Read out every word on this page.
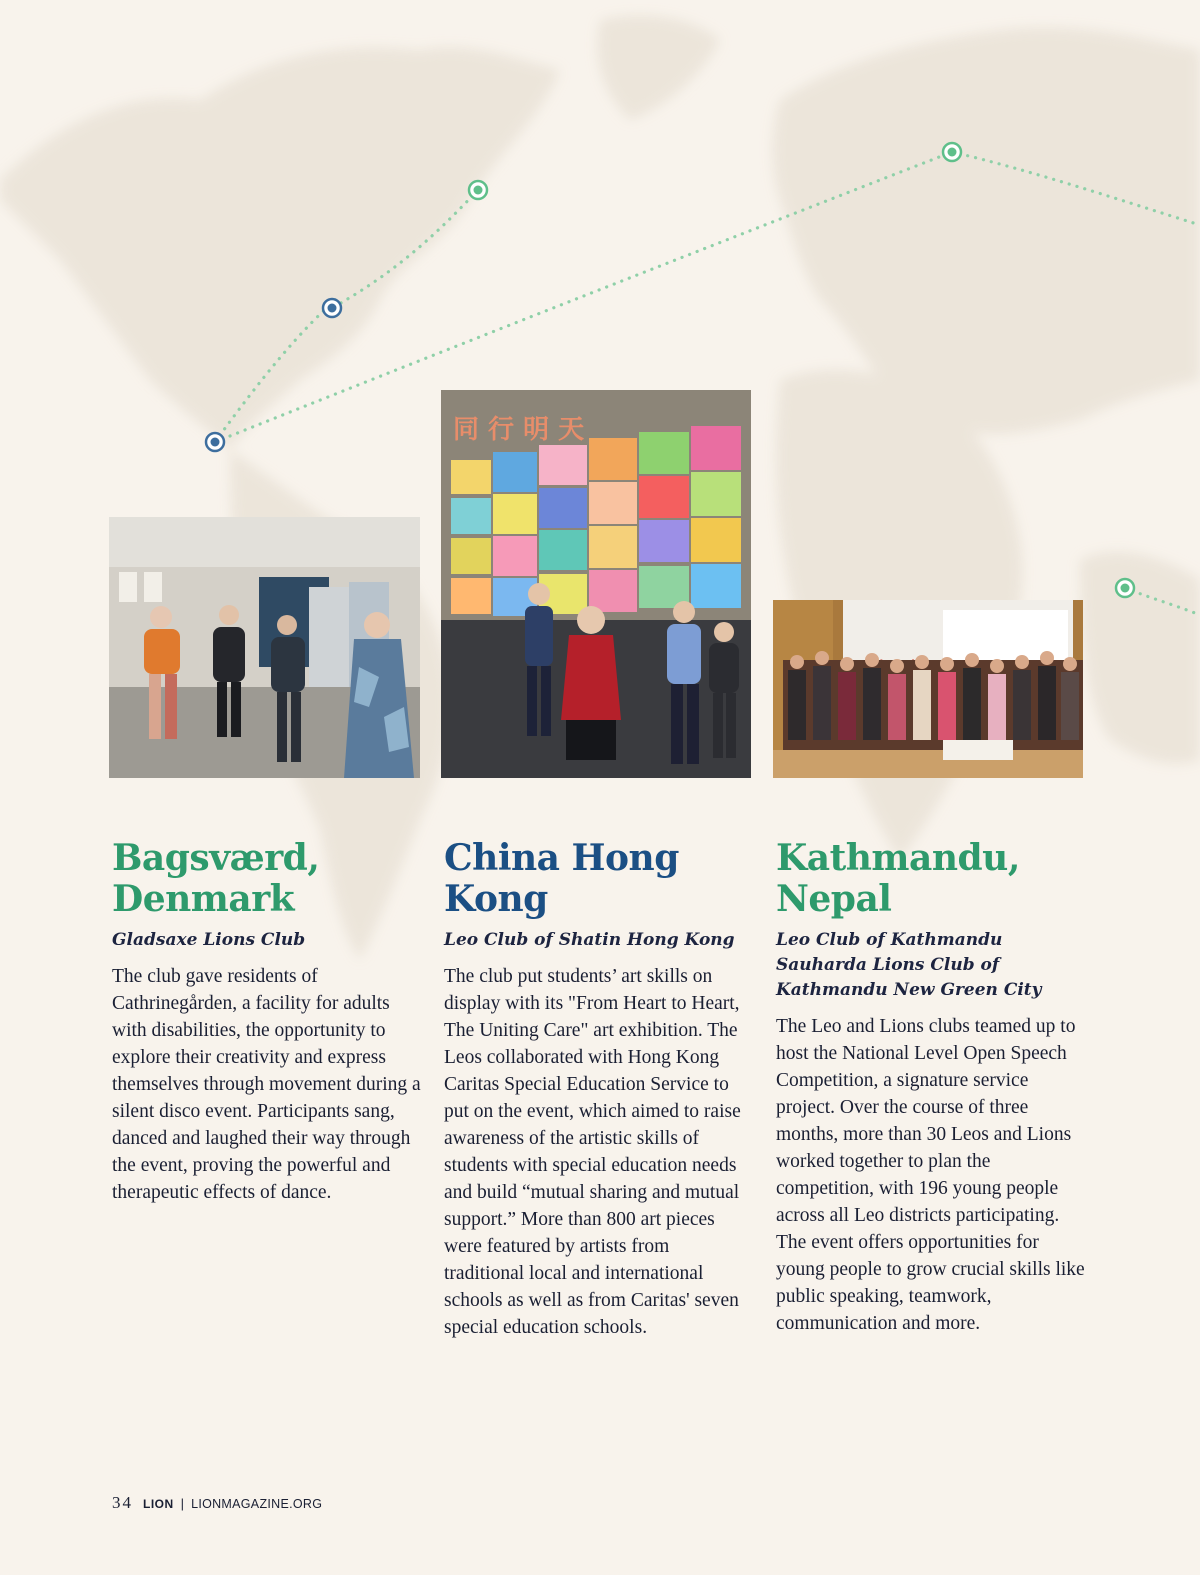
同 行 明 天
Bagsværd, Denmark
Gladsaxe Lions Club

The club gave residents of Cathrinegården, a facility for adults with disabilities, the opportunity to explore their creativity and express themselves through movement during a silent disco event. Participants sang, danced and laughed their way through the event, proving the powerful and therapeutic effects of dance.

China Hong Kong
Leo Club of Shatin Hong Kong

The club put students’ art skills on display with its "From Heart to Heart, The Uniting Care" art exhibition. The Leos collaborated with Hong Kong Caritas Special Education Service to put on the event, which aimed to raise awareness of the artistic skills of students with special education needs and build “mutual sharing and mutual support.” More than 800 art pieces were featured by artists from traditional local and international schools as well as from Caritas' seven special education schools.

Kathmandu, Nepal
Leo Club of Kathmandu Sauharda Lions Club of Kathmandu New Green City

The Leo and Lions clubs teamed up to host the National Level Open Speech Competition, a signature service project. Over the course of three months, more than 30 Leos and Lions worked together to plan the competition, with 196 young people across all Leo districts participating. The event offers opportunities for young people to grow crucial skills like public speaking, teamwork, communication and more.

34 LION | LIONMAGAZINE.ORG
